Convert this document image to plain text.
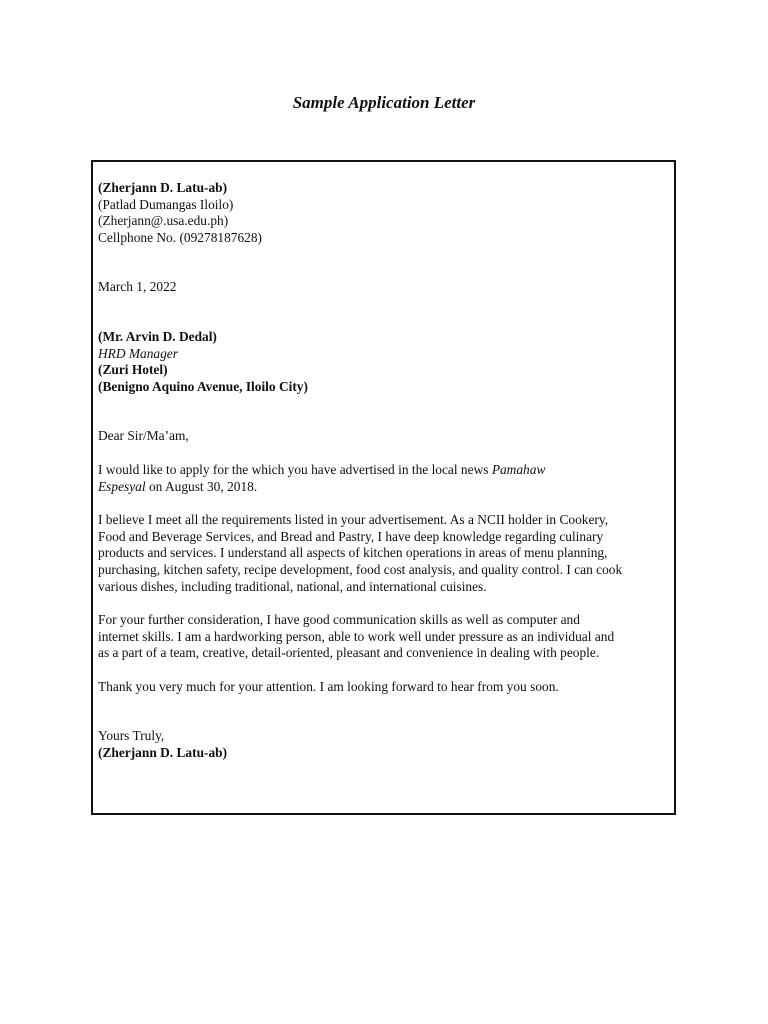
Sample Application Letter
(Zherjann D. Latu-ab)
(Patlad Dumangas Iloilo)
(Zherjann@.usa.edu.ph)
Cellphone No. (09278187628)
March 1, 2022
(Mr. Arvin D. Dedal)
HRD Manager
(Zuri Hotel)
(Benigno Aquino Avenue, Iloilo City)
Dear Sir/Ma’am,

I would like to apply for the which you have advertised in the local news Pamahaw
Espesyal on August 30, 2018.

I believe I meet all the requirements listed in your advertisement. As a NCII holder in Cookery,
Food and Beverage Services, and Bread and Pastry, I have deep knowledge regarding culinary
products and services. I understand all aspects of kitchen operations in areas of menu planning,
purchasing, kitchen safety, recipe development, food cost analysis, and quality control. I can cook
various dishes, including traditional, national, and international cuisines.

For your further consideration, I have good communication skills as well as computer and
internet skills. I am a hardworking person, able to work well under pressure as an individual and
as a part of a team, creative, detail-oriented, pleasant and convenience in dealing with people.

Thank you very much for your attention. I am looking forward to hear from you soon.
Yours Truly,
(Zherjann D. Latu-ab)
